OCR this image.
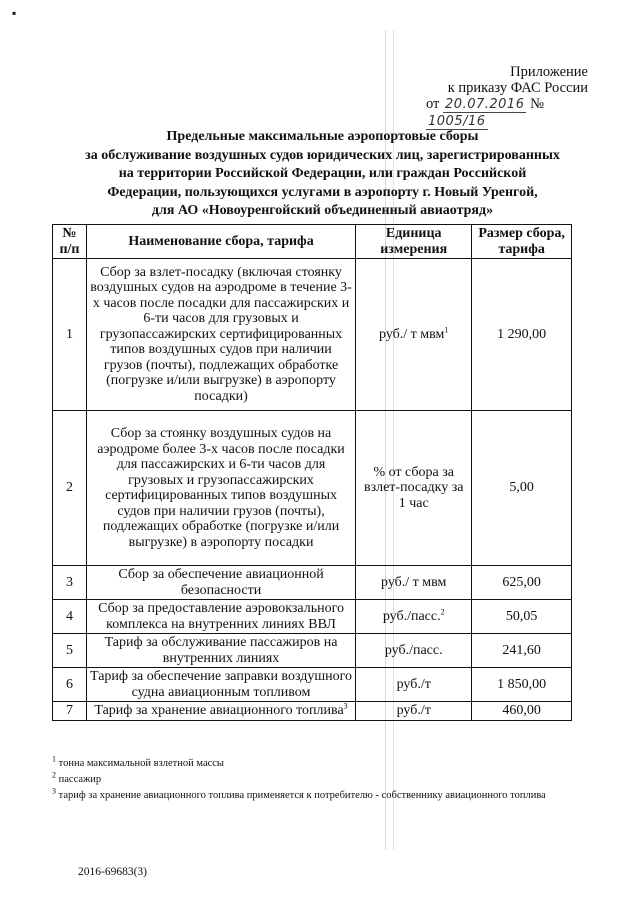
▪
Приложение
к приказу ФАС России
от 20.07.2016 № 1005/16
Предельные максимальные аэропортовые сборы
за обслуживание воздушных судов юридических лиц, зарегистрированных
на территории Российской Федерации, или граждан Российской
Федерации, пользующихся услугами в аэропорту г. Новый Уренгой,
для АО «Новоуренгойский объединенный авиаотряд»
№ п/п	Наименование сбора, тарифа	Единица измерения	Размер сбора, тарифа
1	Сбор за взлет-посадку (включая стоянку воздушных судов на аэродроме в течение 3-х часов после посадки для пассажирских и 6-ти часов для грузовых и грузопассажирских сертифицированных типов воздушных судов при наличии грузов (почты), подлежащих обработке (погрузке и/или выгрузке) в аэропорту посадки)	руб./ т мвм$^1$	1 290,00
2	Сбор за стоянку воздушных судов на аэродроме более 3-х часов после посадки для пассажирских и 6-ти часов для грузовых и грузопассажирских сертифицированных типов воздушных судов при наличии грузов (почты), подлежащих обработке (погрузке и/или выгрузке) в аэропорту посадки	% от сбора за взлет-посадку за 1 час	5,00
3	Сбор за обеспечение авиационной безопасности	руб./ т мвм	625,00
4	Сбор за предоставление аэровокзального комплекса на внутренних линиях ВВЛ	руб./пасс.$^2$	50,05
5	Тариф за обслуживание пассажиров на внутренних линиях	руб./пасс.	241,60
6	Тариф за обеспечение заправки воздушного судна авиационным топливом	руб./т	1 850,00
7	Тариф за хранение авиационного топлива$^3$	руб./т	460,00
$^1$ тонна максимальной взлетной массы
$^2$ пассажир
$^3$ тариф за хранение авиационного топлива применяется к потребителю - собственнику авиационного топлива
2016-69683(3)
